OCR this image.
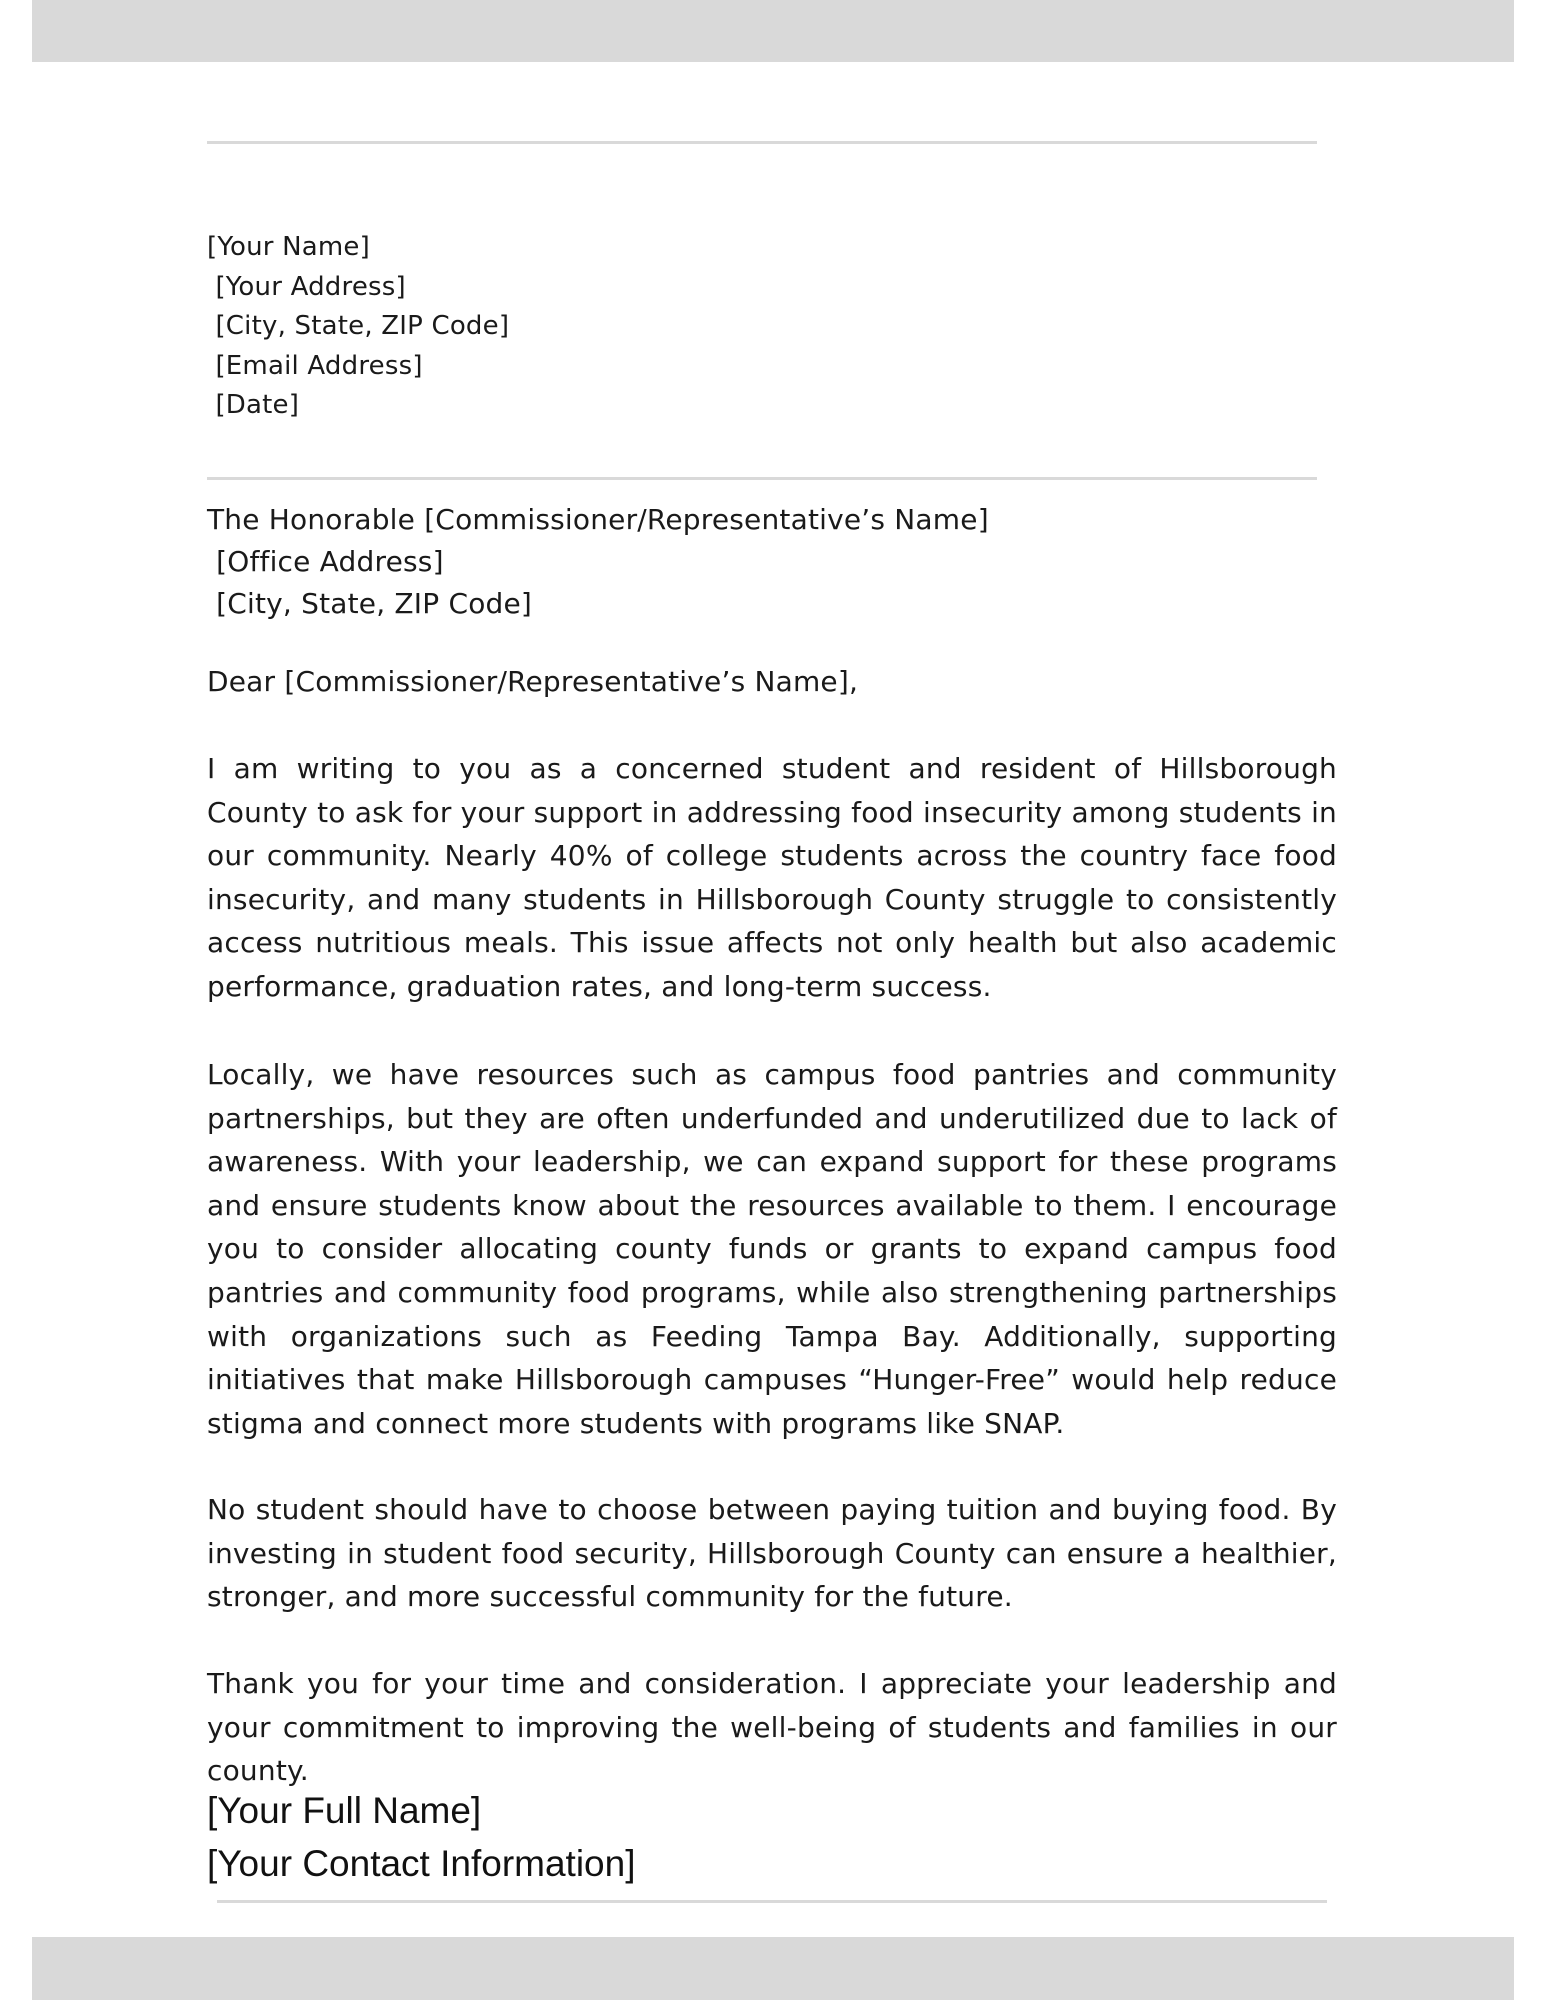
[Your Name]
[Your Address]
[City, State, ZIP Code]
[Email Address]
[Date]
The Honorable [Commissioner/Representative’s Name]
[Office Address]
[City, State, ZIP Code]
Dear [Commissioner/Representative’s Name],
I am writing to you as a concerned student and resident of Hillsborough County to ask for your support in addressing food insecurity among students in our community. Nearly 40% of college students across the country face food insecurity, and many students in Hillsborough County struggle to consistently access nutritious meals. This issue affects not only health but also academic performance, graduation rates, and long-term success.
Locally, we have resources such as campus food pantries and community partnerships, but they are often underfunded and underutilized due to lack of awareness. With your leadership, we can expand support for these programs and ensure students know about the resources available to them. I encourage you to consider allocating county funds or grants to expand campus food pantries and community food programs, while also strengthening partnerships with organizations such as Feeding Tampa Bay. Additionally, supporting initiatives that make Hillsborough campuses “Hunger-Free” would help reduce stigma and connect more students with programs like SNAP.
No student should have to choose between paying tuition and buying food. By investing in student food security, Hillsborough County can ensure a healthier, stronger, and more successful community for the future.
Thank you for your time and consideration. I appreciate your leadership and your commitment to improving the well-being of students and families in our county.
[Your Full Name]
[Your Contact Information]
